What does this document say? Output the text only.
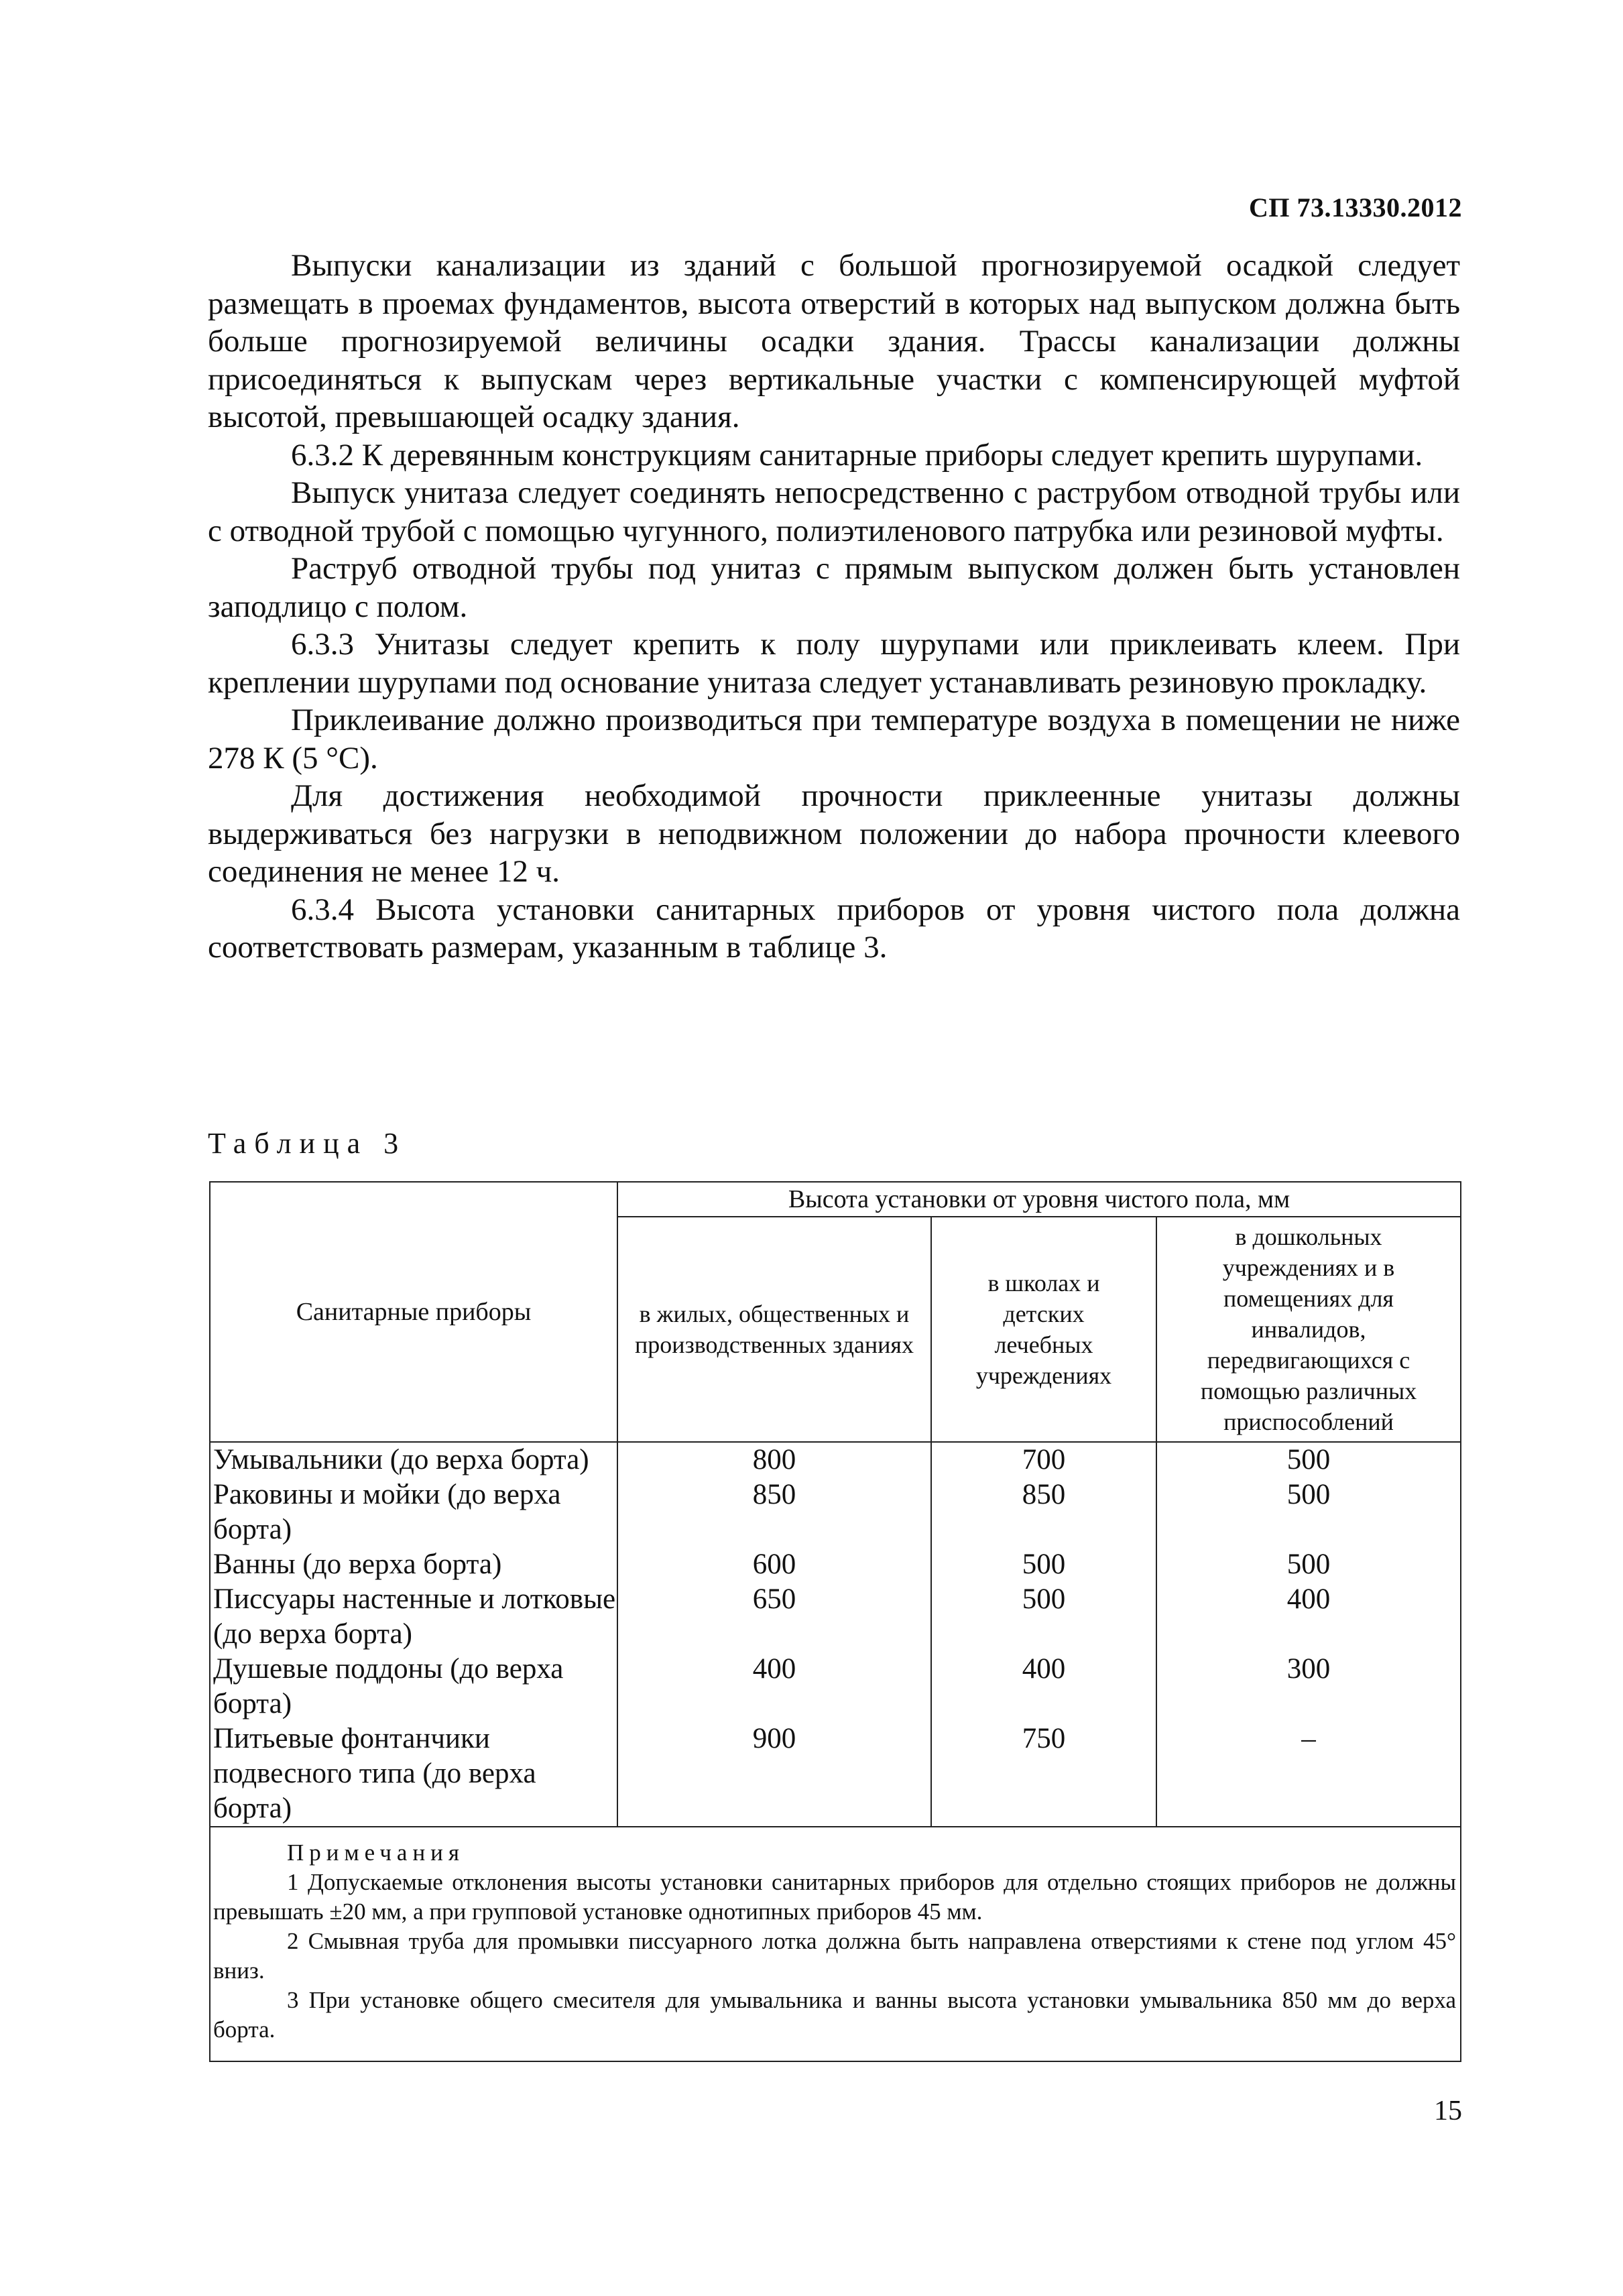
СП 73.13330.2012

Выпуски канализации из зданий с большой прогнозируемой осадкой следует размещать в проемах фундаментов, высота отверстий в которых над выпуском должна быть больше прогнозируемой величины осадки здания. Трассы канализации должны присоединяться к выпускам через вертикальные участки с компенсирующей муфтой высотой, превышающей осадку здания.

6.3.2 К деревянным конструкциям санитарные приборы следует крепить шурупами.

Выпуск унитаза следует соединять непосредственно с раструбом отводной трубы или с отводной трубой с помощью чугунного, полиэтиленового патрубка или резиновой муфты.

Раструб отводной трубы под унитаз с прямым выпуском должен быть установлен заподлицо с полом.

6.3.3 Унитазы следует крепить к полу шурупами или приклеивать клеем. При креплении шурупами под основание унитаза следует устанавливать резиновую прокладку.

Приклеивание должно производиться при температуре воздуха в помещении не ниже 278 К (5 °С).

Для достижения необходимой прочности приклеенные унитазы должны выдерживаться без нагрузки в неподвижном положении до набора прочности клеевого соединения не менее 12 ч.

6.3.4 Высота установки санитарных приборов от уровня чистого пола должна соответствовать размерам, указанным в таблице 3.

Таблица 3
Санитарные приборы	Высота установки от уровня чистого пола, мм		
	в жилых, общественных и производственных зданиях	в школах и детских лечебных учреждениях	в дошкольных учреждениях и в помещениях для инвалидов, передвигающихся с помощью различных приспособлений
Умывальники (до верха борта)	800	700	500
Раковины и мойки (до верха борта)	850	850	500
Ванны (до верха борта)	600	500	500
Писсуары настенные и лотковые (до верха борта)	650	500	400
Душевые поддоны (до верха борта)	400	400	300
Питьевые фонтанчики подвесного типа (до верха борта)	900	750	–

Примечания

1 Допускаемые отклонения высоты установки санитарных приборов для отдельно стоящих приборов не должны превышать ±20 мм, а при групповой установке однотипных приборов 45 мм.

2 Смывная труба для промывки писсуарного лотка должна быть направлена отверстиями к стене под углом 45° вниз.

3 При установке общего смесителя для умывальника и ванны высота установки умывальника 850 мм до верха борта.			

15
